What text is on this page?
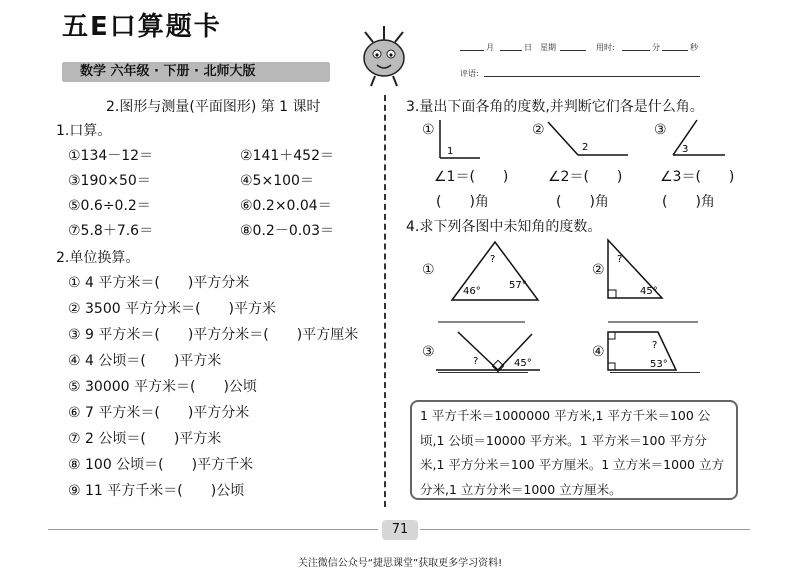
五E口算题卡
数学 六年级 · 下册 · 北师大版
月	日 星期	用时:	分	秒
评语:
2.图形与测量(平面图形) 第 1 课时
1.口算。
①134－12＝	②141＋452＝
③190×50＝	④5×100＝
⑤0.6÷0.2＝	⑥0.2×0.04＝
⑦5.8＋7.6＝	⑧0.2－0.03＝
2.单位换算。
① 4 平方米＝(　　)平方分米
② 3500 平方分米＝(　　)平方米
③ 9 平方米＝(　　)平方分米＝(　　)平方厘米
④ 4 公顷＝(　　)平方米
⑤ 30000 平方米＝(　　)公顷
⑥ 7 平方米＝(　　)平方分米
⑦ 2 公顷＝(　　)平方米
⑧ 100 公顷＝(　　)平方千米
⑨ 11 平方千米＝(　　)公顷
3.量出下面各角的度数,并判断它们各是什么角。
①	②	③
1	2	3
∠1＝(　　)	∠2＝(　　)	∠3＝(　　)
(　　)角	(　　)角	(　　)角
4.求下列各图中未知角的度数。
①	②
③	④
?
46°
57°
?
45°
?	45°
?
53°
1 平方千米＝1000000 平方米,1 平方千米＝100 公顷,1 公顷＝10000 平方米。1 平方米＝100 平方分米,1 平方分米＝100 平方厘米。1 立方米＝1000 立方分米,1 立方分米＝1000 立方厘米。
71
关注微信公众号“捷思课堂”获取更多学习资料!
